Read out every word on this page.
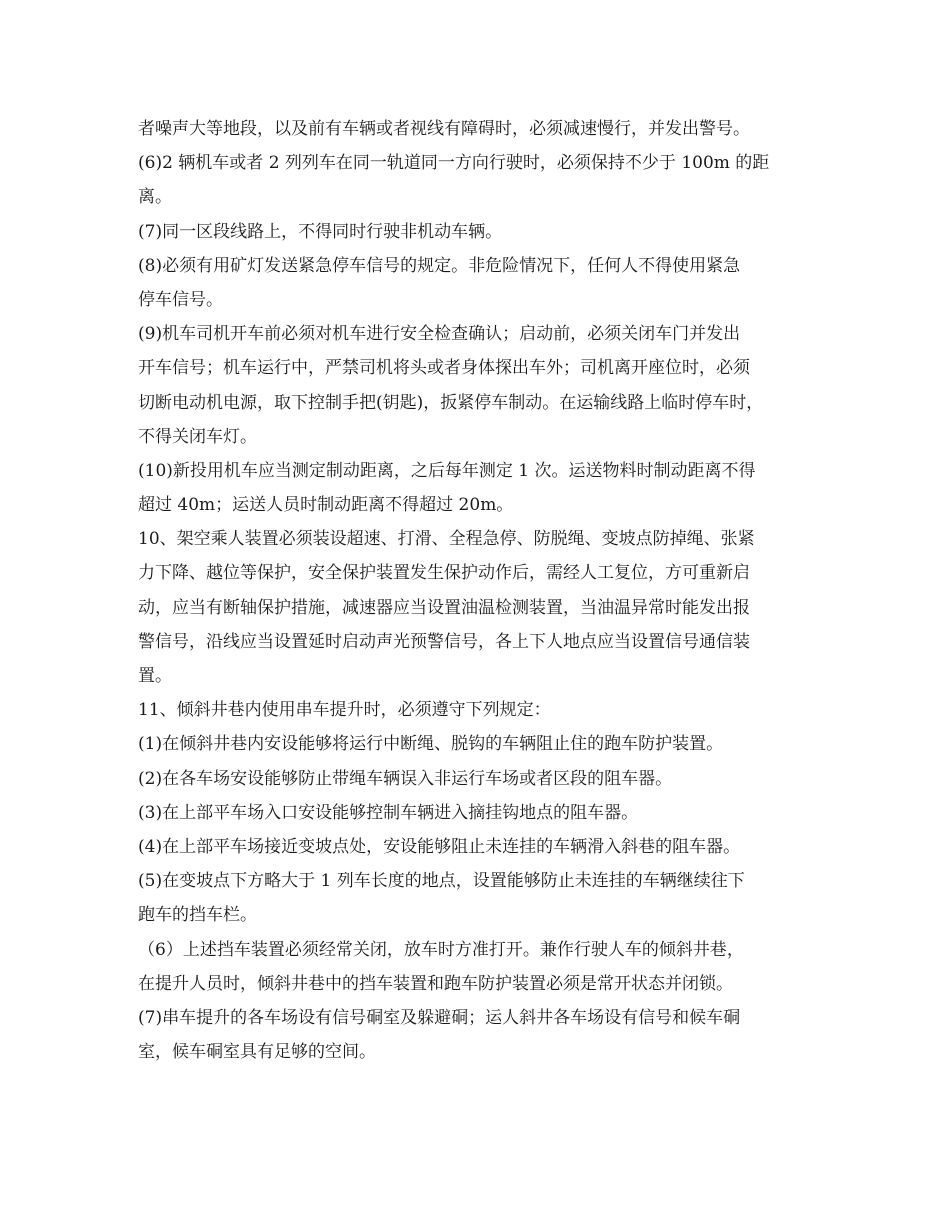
者噪声大等地段，以及前有车辆或者视线有障碍时，必须减速慢行，并发出警号。
(6)2 辆机车或者 2 列列车在同一轨道同一方向行驶时，必须保持不少于 100m 的距
离。
(7)同一区段线路上，不得同时行驶非机动车辆。
(8)必须有用矿灯发送紧急停车信号的规定。非危险情况下，任何人不得使用紧急
停车信号。
(9)机车司机开车前必须对机车进行安全检查确认；启动前，必须关闭车门并发出
开车信号；机车运行中，严禁司机将头或者身体探出车外；司机离开座位时，必须
切断电动机电源，取下控制手把(钥匙)，扳紧停车制动。在运输线路上临时停车时，
不得关闭车灯。
(10)新投用机车应当测定制动距离，之后每年测定 1 次。运送物料时制动距离不得
超过 40m；运送人员时制动距离不得超过 20m。
10、架空乘人装置必须装设超速、打滑、全程急停、防脱绳、变坡点防掉绳、张紧
力下降、越位等保护，安全保护装置发生保护动作后，需经人工复位，方可重新启
动，应当有断轴保护措施，减速器应当设置油温检测装置，当油温异常时能发出报
警信号，沿线应当设置延时启动声光预警信号，各上下人地点应当设置信号通信装
置。
11、倾斜井巷内使用串车提升时，必须遵守下列规定：
(1)在倾斜井巷内安设能够将运行中断绳、脱钩的车辆阻止住的跑车防护装置。
(2)在各车场安设能够防止带绳车辆误入非运行车场或者区段的阻车器。
(3)在上部平车场入口安设能够控制车辆进入摘挂钩地点的阻车器。
(4)在上部平车场接近变坡点处，安设能够阻止未连挂的车辆滑入斜巷的阻车器。
(5)在变坡点下方略大于 1 列车长度的地点，设置能够防止未连挂的车辆继续往下
跑车的挡车栏。
（6）上述挡车装置必须经常关闭，放车时方准打开。兼作行驶人车的倾斜井巷，
在提升人员时，倾斜井巷中的挡车装置和跑车防护装置必须是常开状态并闭锁。
(7)串车提升的各车场设有信号硐室及躲避硐；运人斜井各车场设有信号和候车硐
室，候车硐室具有足够的空间。
